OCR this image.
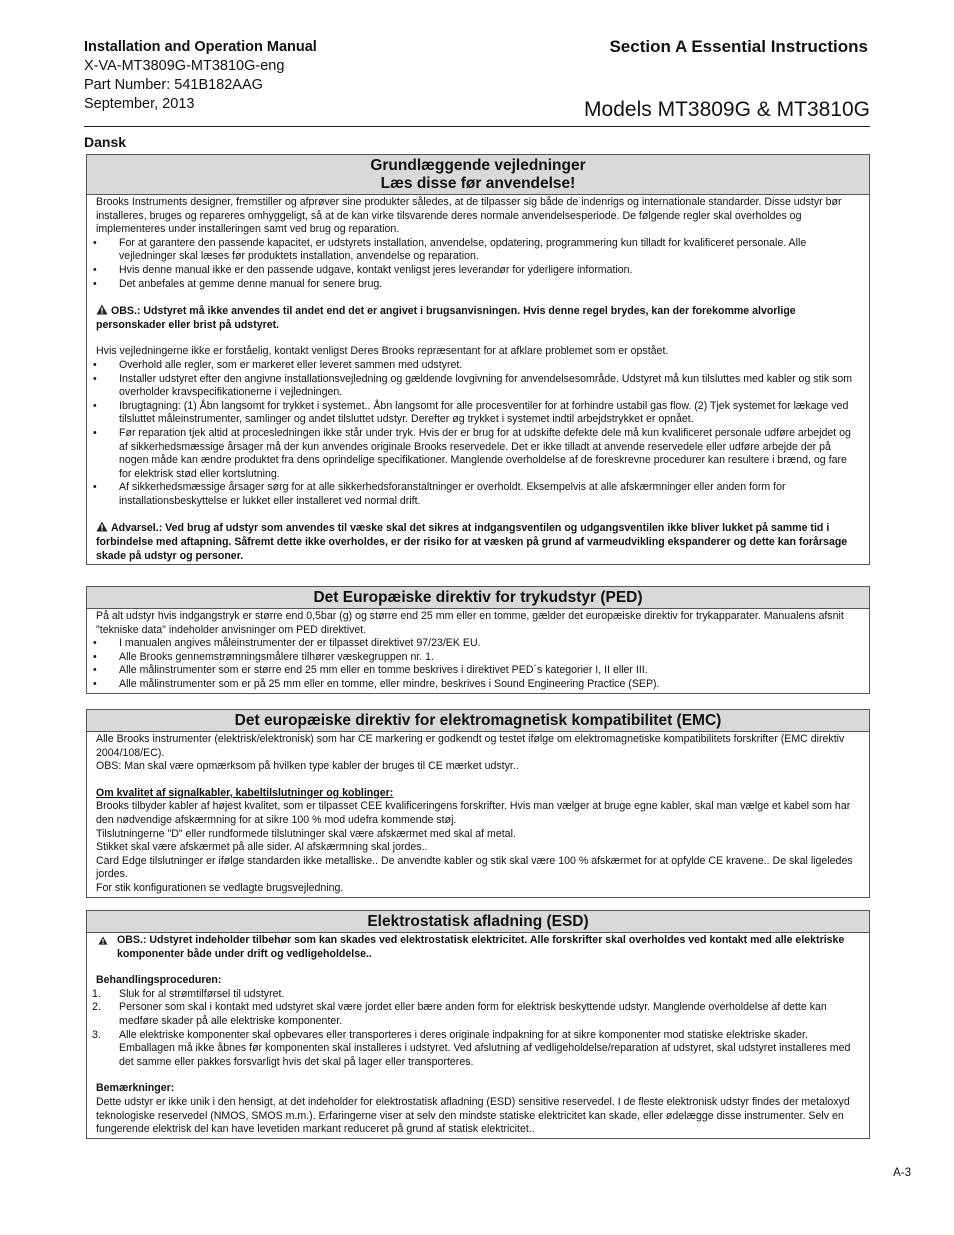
Installation and Operation Manual
X-VA-MT3809G-MT3810G-eng
Part Number: 541B182AAG
September, 2013
Section A Essential Instructions
Models MT3809G & MT3810G
Dansk
Grundlæggende vejledninger
Læs disse før anvendelse!

Brooks Instruments designer, fremstiller og afprøver sine produkter således, at de tilpasser sig både de indenrigs og internationale standarder. Disse udstyr bør installeres, bruges og repareres omhyggeligt, så at de kan virke tilsvarende deres normale anvendelsesperiode. De følgende regler skal overholdes og implementeres under installeringen samt ved brug og reparation.

• For at garantere den passende kapacitet, er udstyrets installation, anvendelse, opdatering, programmering kun tilladt for kvalificeret personale. Alle vejledninger skal læses før produktets installation, anvendelse og reparation.

• Hvis denne manual ikke er den passende udgave, kontakt venligst jeres leverandør for yderligere information.

• Det anbefales at gemme denne manual for senere brug.

OBS.: Udstyret må ikke anvendes til andet end det er angivet i brugsanvisningen. Hvis denne regel brydes, kan der forekomme alvorlige personskader eller brist på udstyret.

Hvis vejledningerne ikke er forståelig, kontakt venligst Deres Brooks repræsentant for at afklare problemet som er opstået.

• Overhold alle regler, som er markeret eller leveret sammen med udstyret.

• Installer udstyret efter den angivne installationsvejledning og gældende lovgivning for anvendelsesområde. Udstyret må kun tilsluttes med kabler og stik som overholder kravspecifikationerne i vejledningen.

• Ibrugtagning: (1) Åbn langsomt for trykket i systemet.. Åbn langsomt for alle procesventiler for at forhindre ustabil gas flow. (2) Tjek systemet for lækage ved tilsluttet måleinstrumenter, samlinger og andet tilsluttet udstyr. Derefter øg trykket i systemet indtil arbejdstrykket er opnået.

• Før reparation tjek altid at procesledningen ikke står under tryk. Hvis der er brug for at udskifte defekte dele må kun kvalificeret personale udføre arbejdet og af sikkerhedsmæssige årsager må der kun anvendes originale Brooks reservedele. Det er ikke tilladt at anvende reservedele eller udføre arbejde der på nogen måde kan ændre produktet fra dens oprindelige specifikationer. Manglende overholdelse af de foreskrevne procedurer kan resultere i brænd, og fare for elektrisk stød eller kortslutning.

• Af sikkerhedsmæssige årsager sørg for at alle sikkerhedsforanstaltninger er overholdt. Eksempelvis at alle afskærmninger eller anden form for installationsbeskyttelse er lukket eller installeret ved normal drift.

Advarsel.: Ved brug af udstyr som anvendes til væske skal det sikres at indgangsventilen og udgangsventilen ikke bliver lukket på samme tid i forbindelse med aftapning. Såfremt dette ikke overholdes, er der risiko for at væsken på grund af varmeudvikling ekspanderer og dette kan forårsage skade på udstyr og personer.

Det Europæiske direktiv for trykudstyr (PED)

På alt udstyr hvis indgangstryk er større end 0,5bar (g) og større end 25 mm eller en tomme, gælder det europæiske direktiv for trykapparater. Manualens afsnit "tekniske data" indeholder anvisninger om PED direktivet.

• I manualen angives måleinstrumenter der er tilpasset direktivet 97/23/EK EU.

• Alle Brooks gennemstrømningsmålere tilhører væskegruppen nr. 1.

• Alle målinstrumenter som er større end 25 mm eller en tomme beskrives i direktivet PED´s kategorier I, II eller III.

• Alle målinstrumenter som er på 25 mm eller en tomme, eller mindre, beskrives i Sound Engineering Practice (SEP).

Det europæiske direktiv for elektromagnetisk kompatibilitet (EMC)

Alle Brooks instrumenter (elektrisk/elektronisk) som har CE markering er godkendt og testet ifølge om elektromagnetiske kompatibilitets forskrifter (EMC direktiv 2004/108/EC).

OBS: Man skal være opmærksom på hvilken type kabler der bruges til CE mærket udstyr..

Om kvalitet af signalkabler, kabeltilslutninger og koblinger:

Brooks tilbyder kabler af højest kvalitet, som er tilpasset CEE kvalificeringens forskrifter. Hvis man vælger at bruge egne kabler, skal man vælge et kabel som har den nødvendige afskærmning for at sikre 100 % mod udefra kommende støj.

Tilslutningerne "D" eller rundformede tilslutninger skal være afskærmet med skal af metal.

Stikket skal være afskærmet på alle sider. Al afskærmning skal jordes..

Card Edge tilslutninger er ifølge standarden ikke metalliske.. De anvendte kabler og stik skal være 100 % afskærmet for at opfylde CE kravene.. De skal ligeledes jordes.

For stik konfigurationen se vedlagte brugsvejledning.

Elektrostatisk afladning (ESD)

OBS.: Udstyret indeholder tilbehør som kan skades ved elektrostatisk elektricitet. Alle forskrifter skal overholdes ved kontakt med alle elektriske komponenter både under drift og vedligeholdelse..

Behandlingsproceduren:

1. Sluk for al strømtilførsel til udstyret.

2. Personer som skal i kontakt med udstyret skal være jordet eller bære anden form for elektrisk beskyttende udstyr. Manglende overholdelse af dette kan medføre skader på alle elektriske komponenter.

3. Alle elektriske komponenter skal opbevares eller transporteres i deres originale indpakning for at sikre komponenter mod statiske elektriske skader. Emballagen må ikke åbnes før komponenten skal installeres i udstyret. Ved afslutning af vedligeholdelse/reparation af udstyret, skal udstyret installeres med det samme eller pakkes forsvarligt hvis det skal på lager eller transporteres.

Bemærkninger:

Dette udstyr er ikke unik i den hensigt, at det indeholder for elektrostatisk afladning (ESD) sensitive reservedel. I de fleste elektronisk udstyr findes der metaloxyd teknologiske reservedel (NMOS, SMOS m.m.). Erfaringerne viser at selv den mindste statiske elektricitet kan skade, eller ødelægge disse instrumenter. Selv en fungerende elektrisk del kan have levetiden markant reduceret på grund af statisk elektricitet..

A-3
